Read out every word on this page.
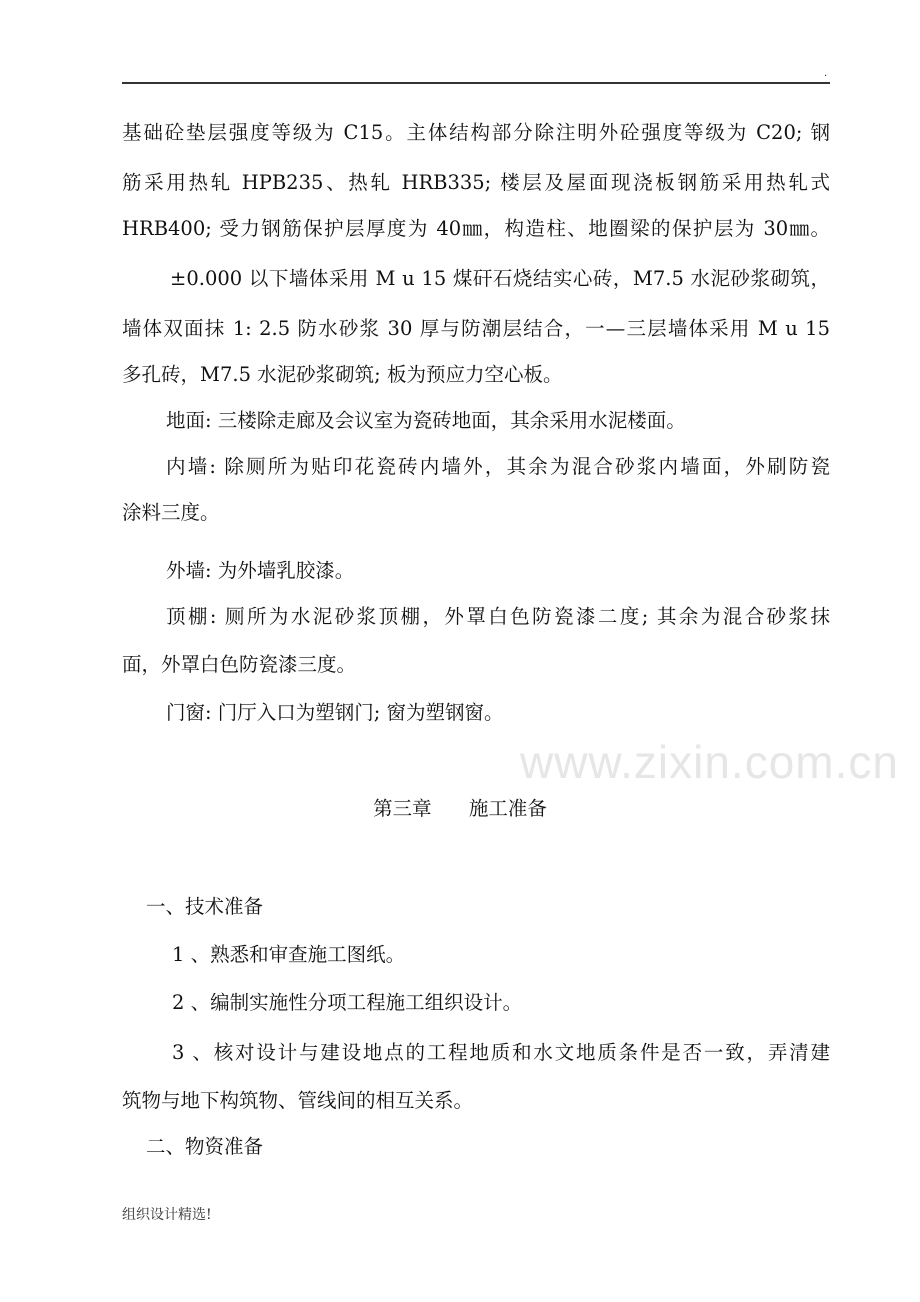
.
www.zixin.com.cn
基础砼垫层强度等级为 C15。主体结构部分除注明外砼强度等级为 C20; 钢
筋采用热轧 HPB235、热轧 HRB335; 楼层及屋面现浇板钢筋采用热轧式
HRB400; 受力钢筋保护层厚度为 40㎜，构造柱、地圈梁的保护层为 30㎜。
±0.000 以下墙体采用 M u 15 煤矸石烧结实心砖，M7.5 水泥砂浆砌筑，
墙体双面抹 1: 2.5 防水砂浆 30 厚与防潮层结合，一—三层墙体采用 M u 15
多孔砖，M7.5 水泥砂浆砌筑; 板为预应力空心板。
地面: 三楼除走廊及会议室为瓷砖地面，其余采用水泥楼面。
内墙: 除厕所为贴印花瓷砖内墙外，其余为混合砂浆内墙面，外刷防瓷
涂料三度。
外墙: 为外墙乳胶漆。
顶棚: 厕所为水泥砂浆顶棚，外罩白色防瓷漆二度; 其余为混合砂浆抹
面，外罩白色防瓷漆三度。
门窗: 门厅入口为塑钢门; 窗为塑钢窗。
第三章      施工准备
一、技术准备
1 、熟悉和审查施工图纸。
2 、编制实施性分项工程施工组织设计。
3 、核对设计与建设地点的工程地质和水文地质条件是否一致，弄清建
筑物与地下构筑物、管线间的相互关系。
二、物资准备
组织设计精选!
